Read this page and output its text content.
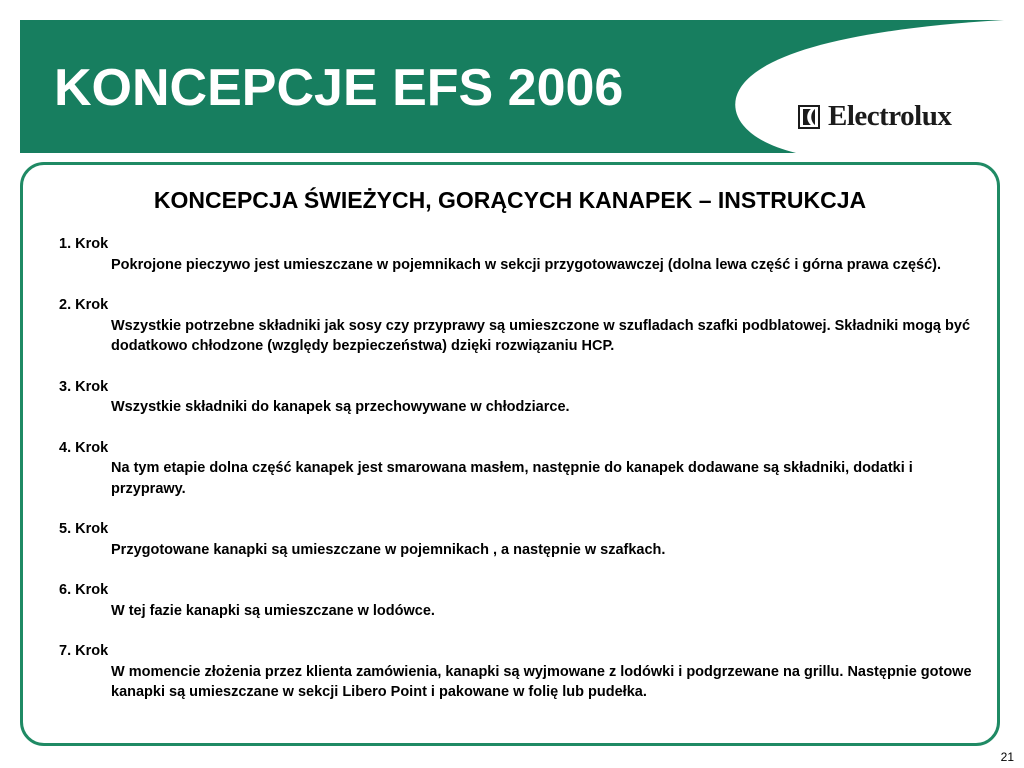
KONCEPCJE EFS 2006	Electrolux
KONCEPCJA ŚWIEŻYCH, GORĄCYCH KANAPEK – INSTRUKCJA
1. Krok
Pokrojone pieczywo jest umieszczane w pojemnikach w sekcji przygotowawczej (dolna lewa część i górna prawa część).
2. Krok
Wszystkie potrzebne składniki jak sosy czy przyprawy są umieszczone w szufladach szafki podblatowej. Składniki mogą być dodatkowo chłodzone (względy bezpieczeństwa) dzięki rozwiązaniu HCP.
3. Krok
Wszystkie składniki do kanapek są przechowywane w chłodziarce.
4. Krok
Na tym etapie dolna część kanapek jest smarowana masłem, następnie do kanapek dodawane są składniki, dodatki i przyprawy.
5. Krok
Przygotowane kanapki są umieszczane w pojemnikach , a następnie w szafkach.
6. Krok
W tej fazie kanapki są umieszczane w lodówce.
7. Krok
W momencie złożenia przez klienta zamówienia, kanapki są wyjmowane z lodówki i podgrzewane na grillu. Następnie gotowe kanapki są umieszczane w sekcji Libero Point i pakowane w folię lub pudełka.
21
